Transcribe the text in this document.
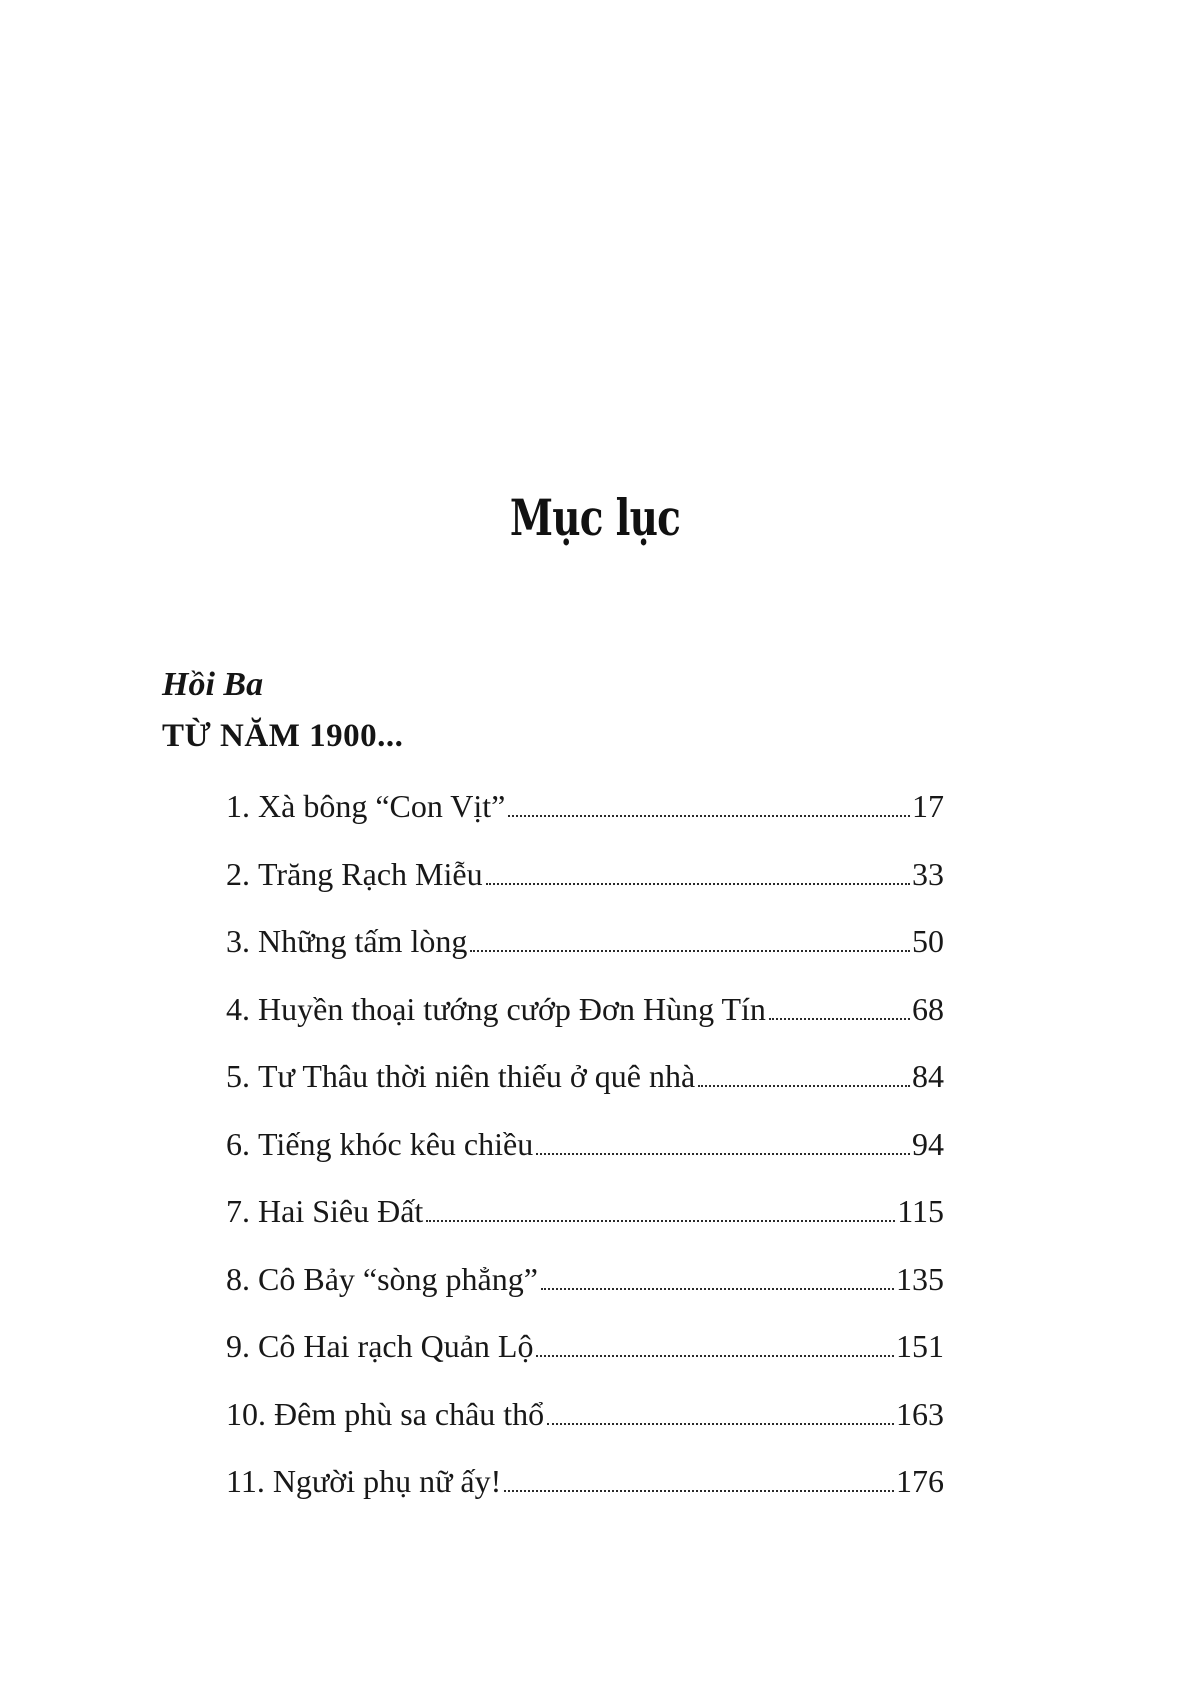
Mục lục
Hồi Ba
TỪ NĂM 1900...
1. Xà bông “Con Vịt”	17
2. Trăng Rạch Miễu	33
3. Những tấm lòng	50
4. Huyền thoại tướng cướp Đơn Hùng Tín	68
5. Tư Thâu thời niên thiếu ở quê nhà	84
6. Tiếng khóc kêu chiều	94
7. Hai Siêu Đất	115
8. Cô Bảy “sòng phẳng”	135
9. Cô Hai rạch Quản Lộ	151
10. Đêm phù sa châu thổ	163
11. Người phụ nữ ấy!	176
